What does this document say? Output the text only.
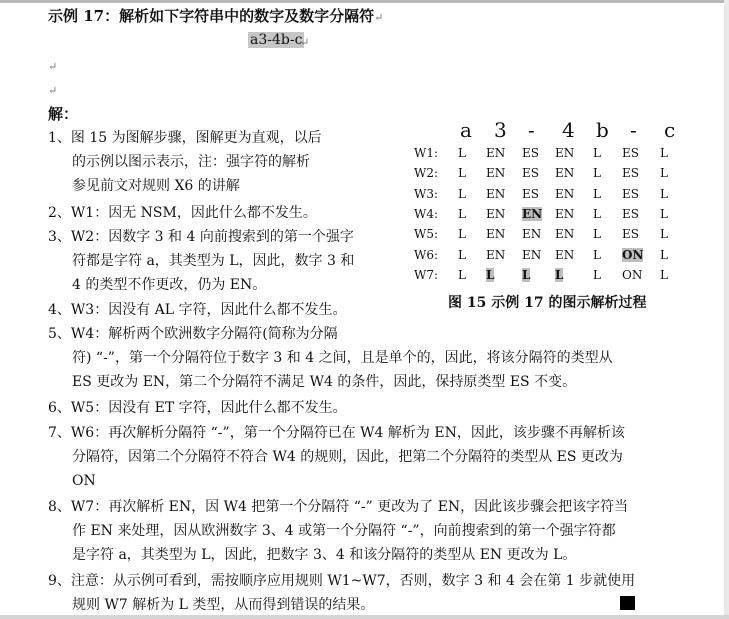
示例 17：解析如下字符串中的数字及数字分隔符↵
a3-4b-c
↵
↵
↵
解：
1、图 15 为图解步骤，图解更为直观，以后
的示例以图示表示，注：强字符的解析
参见前文对规则 X6 的讲解
2、W1：因无 NSM，因此什么都不发生。
3、W2：因数字 3 和 4 向前搜索到的第一个强字
符都是字符 a，其类型为 L，因此，数字 3 和
4 的类型不作更改，仍为 EN。
4、W3：因没有 AL 字符，因此什么都不发生。
5、W4：解析两个欧洲数字分隔符(简称为分隔
符) “-”，第一个分隔符位于数字 3 和 4 之间，且是单个的，因此，将该分隔符的类型从
ES 更改为 EN，第二个分隔符不满足 W4 的条件，因此，保持原类型 ES 不变。
6、W5：因没有 ET 字符，因此什么都不发生。
7、W6：再次解析分隔符 “-”，第一个分隔符已在 W4 解析为 EN，因此，该步骤不再解析该
分隔符，因第二个分隔符不符合 W4 的规则，因此，把第二个分隔符的类型从 ES 更改为
ON
8、W7：再次解析 EN，因 W4 把第一个分隔符 “-” 更改为了 EN，因此该步骤会把该字符当
作 EN 来处理，因从欧洲数字 3、4 或第一个分隔符 “-”，向前搜索到的第一个强字符都
是字符 a，其类型为 L，因此，把数字 3、4 和该分隔符的类型从 EN 更改为 L。
9、注意：从示例可看到，需按顺序应用规则 W1~W7，否则，数字 3 和 4 会在第 1 步就使用
规则 W7 解析为 L 类型，从而得到错误的结果。
a 3 - 4 b - c
W1: L EN ES EN L ES L
W2: L EN ES EN L ES L
W3: L EN ES EN L ES L
W4: L EN EN EN L ES L
W5: L EN EN EN L ES L
W6: L EN EN EN L ON L
W7: L L L L L ON L
图 15 示例 17 的图示解析过程
